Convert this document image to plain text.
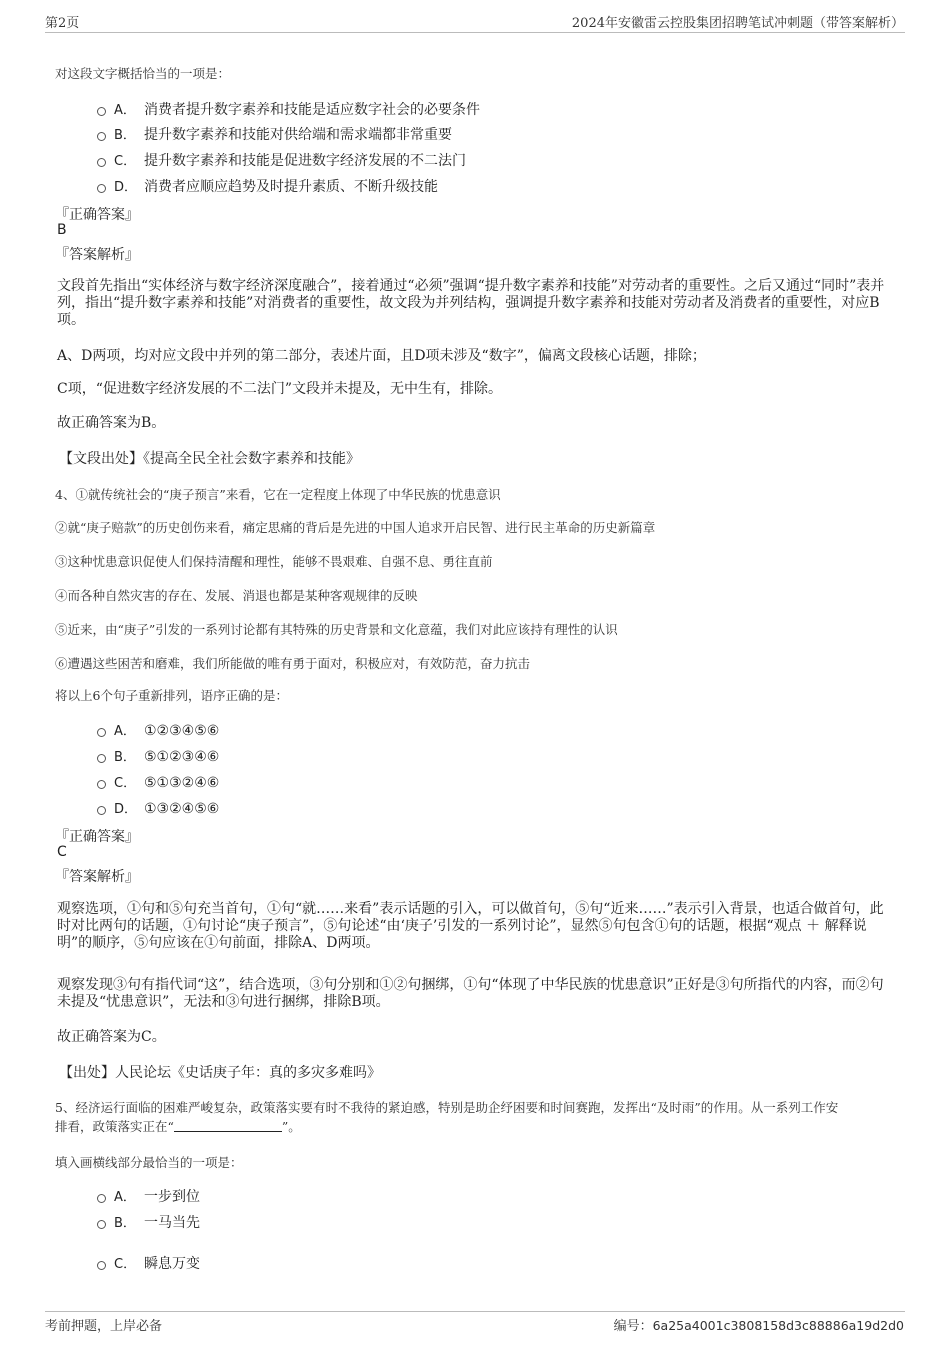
第2页	2024年安徽雷云控股集团招聘笔试冲刺题（带答案解析）
对这段文字概括恰当的一项是：
A． 消费者提升数字素养和技能是适应数字社会的必要条件
B． 提升数字素养和技能对供给端和需求端都非常重要
C． 提升数字素养和技能是促进数字经济发展的不二法门
D． 消费者应顺应趋势及时提升素质、不断升级技能
『正确答案』
B
『答案解析』
文段首先指出“实体经济与数字经济深度融合”，接着通过“必须”强调“提升数字素养和技能”对劳动者的重要性。之后又通过“同时”表并列，指出“提升数字素养和技能”对消费者的重要性，故文段为并列结构，强调提升数字素养和技能对劳动者及消费者的重要性，对应B项。
A、D两项，均对应文段中并列的第二部分，表述片面，且D项未涉及“数字”，偏离文段核心话题，排除；
C项，“促进数字经济发展的不二法门”文段并未提及，无中生有，排除。
故正确答案为B。
【文段出处】《提高全民全社会数字素养和技能》
4、①就传统社会的“庚子预言”来看，它在一定程度上体现了中华民族的忧患意识
②就“庚子赔款”的历史创伤来看，痛定思痛的背后是先进的中国人追求开启民智、进行民主革命的历史新篇章
③这种忧患意识促使人们保持清醒和理性，能够不畏艰难、自强不息、勇往直前
④而各种自然灾害的存在、发展、消退也都是某种客观规律的反映
⑤近来，由“庚子”引发的一系列讨论都有其特殊的历史背景和文化意蕴，我们对此应该持有理性的认识
⑥遭遇这些困苦和磨难，我们所能做的唯有勇于面对，积极应对，有效防范，奋力抗击
将以上6个句子重新排列，语序正确的是：
A． ①②③④⑤⑥
B． ⑤①②③④⑥
C． ⑤①③②④⑥
D． ①③②④⑤⑥
『正确答案』
C
『答案解析』
观察选项，①句和⑤句充当首句，①句“就……来看”表示话题的引入，可以做首句，⑤句“近来……”表示引入背景，也适合做首句，此时对比两句的话题，①句讨论“庚子预言”，⑤句论述“由‘庚子’引发的一系列讨论”，显然⑤句包含①句的话题，根据“观点 ＋ 解释说明”的顺序，⑤句应该在①句前面，排除A、D两项。
观察发现③句有指代词“这”，结合选项，③句分别和①②句捆绑，①句“体现了中华民族的忧患意识”正好是③句所指代的内容，而②句未提及“忧患意识”，无法和③句进行捆绑，排除B项。
故正确答案为C。
【出处】人民论坛《史话庚子年：真的多灾多难吗》
5、经济运行面临的困难严峻复杂，政策落实要有时不我待的紧迫感，特别是助企纾困要和时间赛跑，发挥出“及时雨”的作用。从一系列工作安
排看，政策落实正在“	”。
填入画横线部分最恰当的一项是：
A． 一步到位
B． 一马当先
C． 瞬息万变
考前押题，上岸必备	编号：6a25a4001c3808158d3c88886a19d2d0
